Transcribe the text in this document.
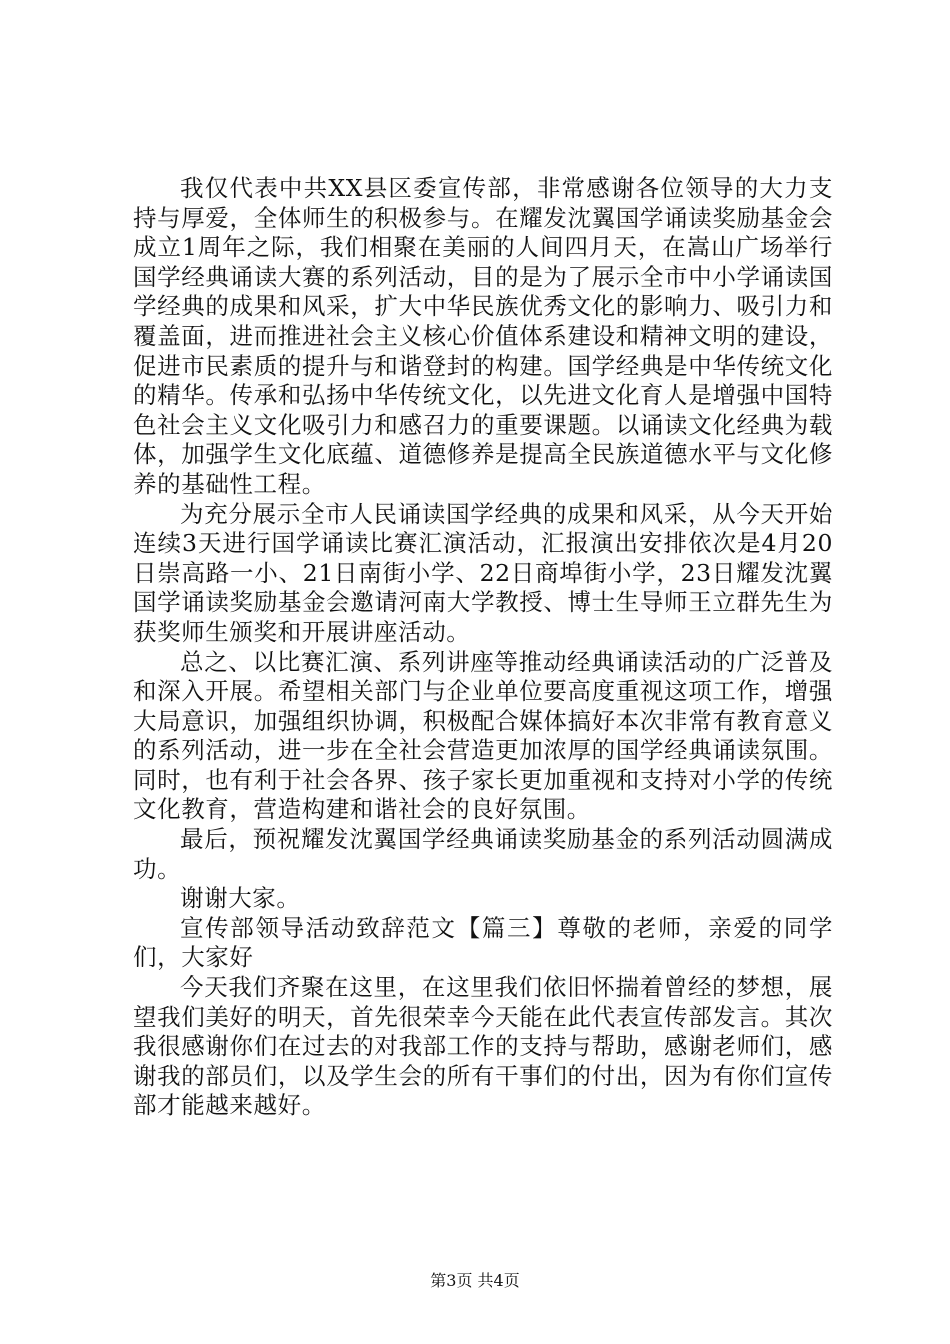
我仅代表中共XX县区委宣传部，非常感谢各位领导的大力支持与厚爱，全体师生的积极参与。在耀发沈翼国学诵读奖励基金会成立1周年之际，我们相聚在美丽的人间四月天，在嵩山广场举行国学经典诵读大赛的系列活动，目的是为了展示全市中小学诵读国学经典的成果和风采，扩大中华民族优秀文化的影响力、吸引力和覆盖面，进而推进社会主义核心价值体系建设和精神文明的建设，促进市民素质的提升与和谐登封的构建。国学经典是中华传统文化的精华。传承和弘扬中华传统文化，以先进文化育人是增强中国特色社会主义文化吸引力和感召力的重要课题。以诵读文化经典为载体，加强学生文化底蕴、道德修养是提高全民族道德水平与文化修养的基础性工程。

为充分展示全市人民诵读国学经典的成果和风采，从今天开始连续3天进行国学诵读比赛汇演活动，汇报演出安排依次是4月20日崇高路一小、21日南街小学、22日商埠街小学，23日耀发沈翼国学诵读奖励基金会邀请河南大学教授、博士生导师王立群先生为获奖师生颁奖和开展讲座活动。

总之、以比赛汇演、系列讲座等推动经典诵读活动的广泛普及和深入开展。希望相关部门与企业单位要高度重视这项工作，增强大局意识，加强组织协调，积极配合媒体搞好本次非常有教育意义的系列活动，进一步在全社会营造更加浓厚的国学经典诵读氛围。同时，也有利于社会各界、孩子家长更加重视和支持对小学的传统文化教育，营造构建和谐社会的良好氛围。

最后，预祝耀发沈翼国学经典诵读奖励基金的系列活动圆满成功。

谢谢大家。

宣传部领导活动致辞范文【篇三】尊敬的老师，亲爱的同学们，大家好

今天我们齐聚在这里，在这里我们依旧怀揣着曾经的梦想，展望我们美好的明天，首先很荣幸今天能在此代表宣传部发言。其次我很感谢你们在过去的对我部工作的支持与帮助，感谢老师们，感谢我的部员们，以及学生会的所有干事们的付出，因为有你们宣传部才能越来越好。

第3页 共4页
